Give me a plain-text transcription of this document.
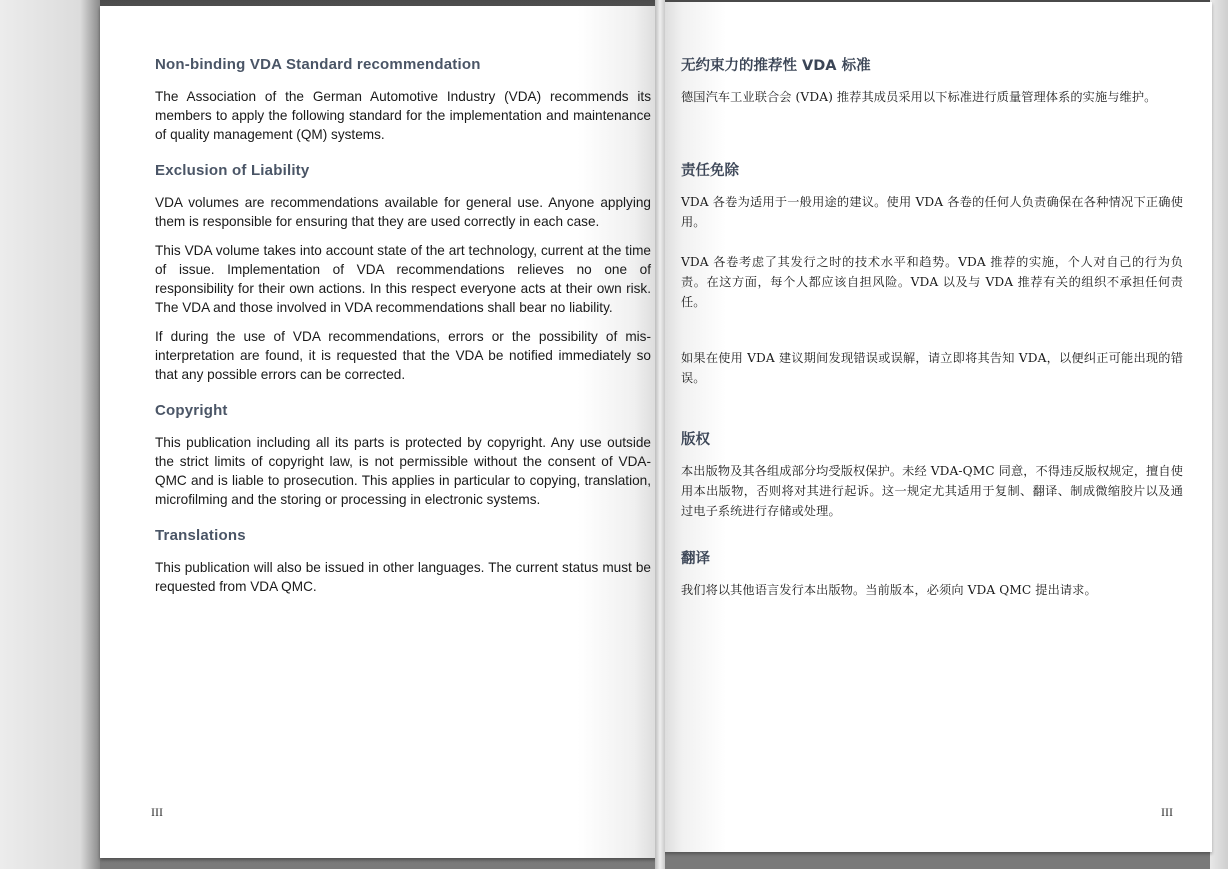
Non-binding VDA Standard recommendation

The Association of the German Automotive Industry (VDA) recommends its members to apply the following standard for the implementation and maintenance of quality management (QM) systems.

Exclusion of Liability

VDA volumes are recommendations available for general use. Anyone applying them is responsible for ensuring that they are used correctly in each case.

This VDA volume takes into account state of the art technology, current at the time of issue. Implementation of VDA recommendations relieves no one of responsibility for their own actions. In this respect everyone acts at their own risk. The VDA and those involved in VDA recommendations shall bear no liability.

If during the use of VDA recommendations, errors or the possibility of mis-interpretation are found, it is requested that the VDA be notified immediately so that any possible errors can be corrected.

Copyright

This publication including all its parts is protected by copyright. Any use outside the strict limits of copyright law, is not permissible without the consent of VDA-QMC and is liable to prosecution. This applies in particular to copying, translation, microfilming and the storing or processing in electronic systems.

Translations

This publication will also be issued in other languages. The current status must be requested from VDA QMC.

III
无约束力的推荐性 VDA 标准

德国汽车工业联合会 (VDA) 推荐其成员采用以下标准进行质量管理体系的实施与维护。

责任免除

VDA 各卷为适用于一般用途的建议。使用 VDA 各卷的任何人负责确保在各种情况下正确使用。

VDA 各卷考虑了其发行之时的技术水平和趋势。VDA 推荐的实施，个人对自己的行为负责。在这方面，每个人都应该自担风险。VDA 以及与 VDA 推荐有关的组织不承担任何责任。

如果在使用 VDA 建议期间发现错误或误解，请立即将其告知 VDA，以便纠正可能出现的错误。

版权

本出版物及其各组成部分均受版权保护。未经 VDA-QMC 同意，不得违反版权规定，擅自使用本出版物，否则将对其进行起诉。这一规定尤其适用于复制、翻译、制成微缩胶片以及通过电子系统进行存储或处理。

翻译

我们将以其他语言发行本出版物。当前版本，必须向 VDA QMC 提出请求。

III
